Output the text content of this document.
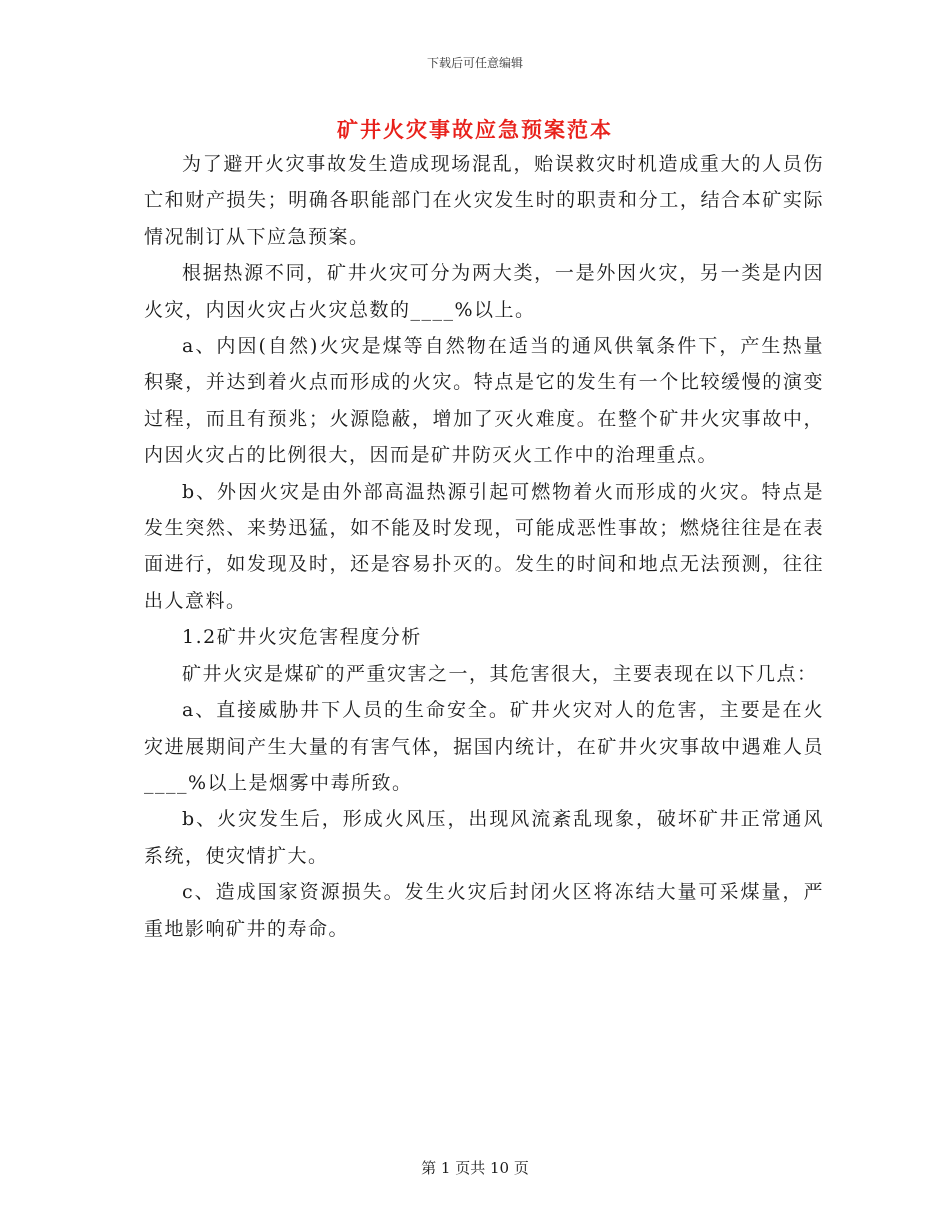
下载后可任意编辑
矿井火灾事故应急预案范本

为了避开火灾事故发生造成现场混乱，贻误救灾时机造成重大的人员伤亡和财产损失；明确各职能部门在火灾发生时的职责和分工，结合本矿实际情况制订从下应急预案。

根据热源不同，矿井火灾可分为两大类，一是外因火灾，另一类是内因火灾，内因火灾占火灾总数的____%以上。

a、内因(自然)火灾是煤等自然物在适当的通风供氧条件下，产生热量积聚，并达到着火点而形成的火灾。特点是它的发生有一个比较缓慢的演变过程，而且有预兆；火源隐蔽，增加了灭火难度。在整个矿井火灾事故中，内因火灾占的比例很大，因而是矿井防灭火工作中的治理重点。

b、外因火灾是由外部高温热源引起可燃物着火而形成的火灾。特点是发生突然、来势迅猛，如不能及时发现，可能成恶性事故；燃烧往往是在表面进行，如发现及时，还是容易扑灭的。发生的时间和地点无法预测，往往出人意料。

1.2矿井火灾危害程度分析

矿井火灾是煤矿的严重灾害之一，其危害很大，主要表现在以下几点：

a、直接威胁井下人员的生命安全。矿井火灾对人的危害，主要是在火灾进展期间产生大量的有害气体，据国内统计，在矿井火灾事故中遇难人员____%以上是烟雾中毒所致。

b、火灾发生后，形成火风压，出现风流紊乱现象，破坏矿井正常通风系统，使灾情扩大。

c、造成国家资源损失。发生火灾后封闭火区将冻结大量可采煤量，严重地影响矿井的寿命。

第 1 页共 10 页
